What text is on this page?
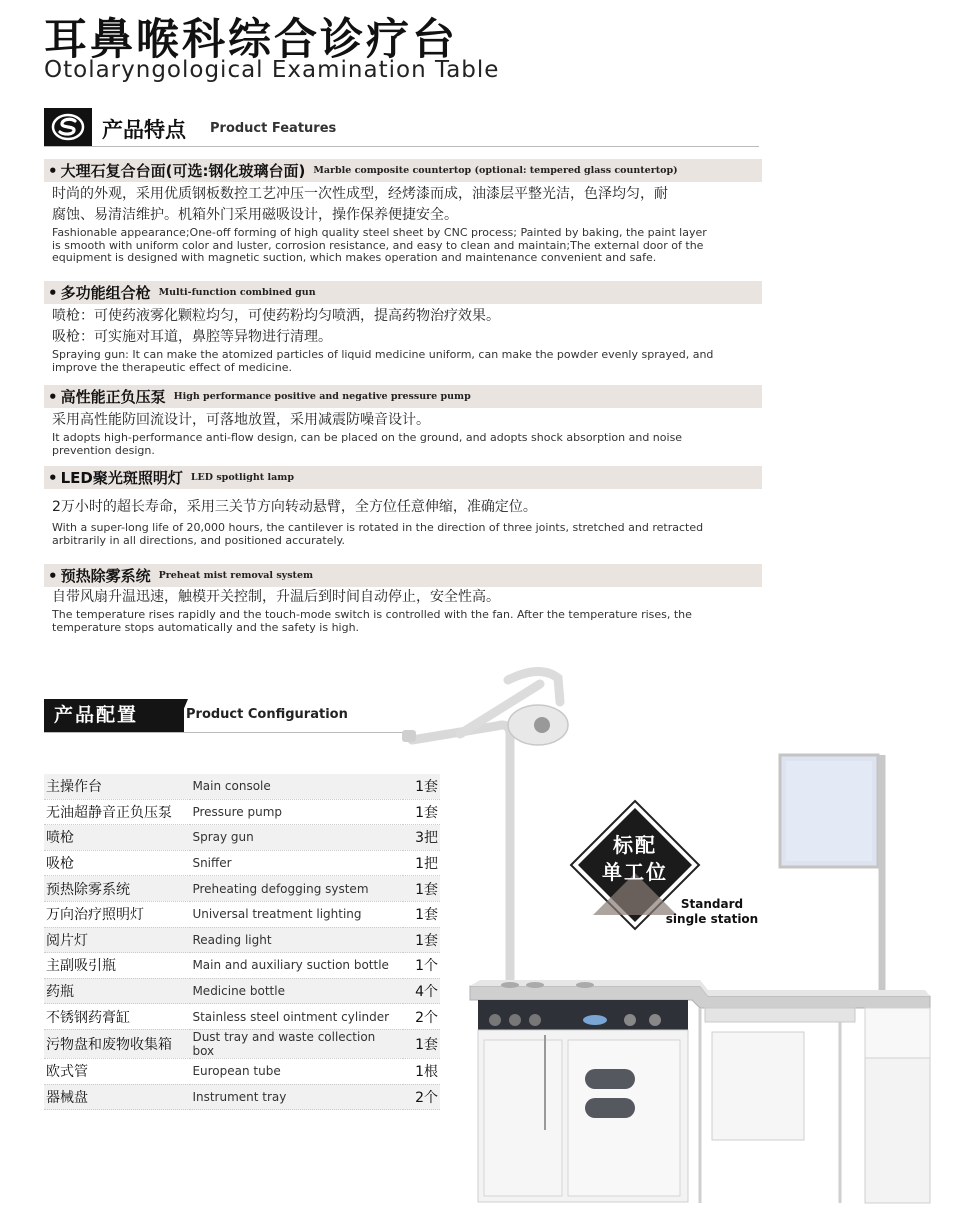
耳鼻喉科综合诊疗台
Otolaryngological Examination Table
产品特点 Product Features
• 大理石复合台面(可选:钢化玻璃台面) Marble composite countertop (optional: tempered glass countertop)
时尚的外观，采用优质钢板数控工艺冲压一次性成型，经烤漆而成，油漆层平整光洁，色泽均匀，耐
腐蚀、易清洁维护。机箱外门采用磁吸设计，操作保养便捷安全。
Fashionable appearance;One-off forming of high quality steel sheet by CNC process; Painted by baking, the paint layer
is smooth with uniform color and luster, corrosion resistance, and easy to clean and maintain;The external door of the
equipment is designed with magnetic suction, which makes operation and maintenance convenient and safe.
• 多功能组合枪 Multi-function combined gun
喷枪：可使药液雾化颗粒均匀，可使药粉均匀喷洒，提高药物治疗效果。
吸枪：可实施对耳道，鼻腔等异物进行清理。
Spraying gun: It can make the atomized particles of liquid medicine uniform, can make the powder evenly sprayed, and
improve the therapeutic effect of medicine.
• 高性能正负压泵 High performance positive and negative pressure pump
采用高性能防回流设计，可落地放置，采用减震防噪音设计。
It adopts high-performance anti-flow design, can be placed on the ground, and adopts shock absorption and noise
prevention design.
• LED聚光斑照明灯 LED spotlight lamp
2万小时的超长寿命，采用三关节方向转动悬臂，全方位任意伸缩，准确定位。
With a super-long life of 20,000 hours, the cantilever is rotated in the direction of three joints, stretched and retracted
arbitrarily in all directions, and positioned accurately.
• 预热除雾系统 Preheat mist removal system
自带风扇升温迅速，触模开关控制，升温后到时间自动停止，安全性高。
The temperature rises rapidly and the touch-mode switch is controlled with the fan. After the temperature rises, the
temperature stops automatically and the safety is high.
产品配置	Product Configuration
主操作台	Main console	1套
无油超静音正负压泵	Pressure pump	1套
喷枪	Spray gun	3把
吸枪	Sniffer	1把
预热除雾系统	Preheating defogging system	1套
万向治疗照明灯	Universal treatment lighting	1套
阅片灯	Reading light	1套
主副吸引瓶	Main and auxiliary suction bottle	1个
药瓶	Medicine bottle	4个
不锈钢药膏缸	Stainless steel ointment cylinder	2个
污物盘和废物收集箱	Dust tray and waste collection box	1套
欧式管	European tube	1根
器械盘	Instrument tray	2个
标配
单工位
Standard
single station
